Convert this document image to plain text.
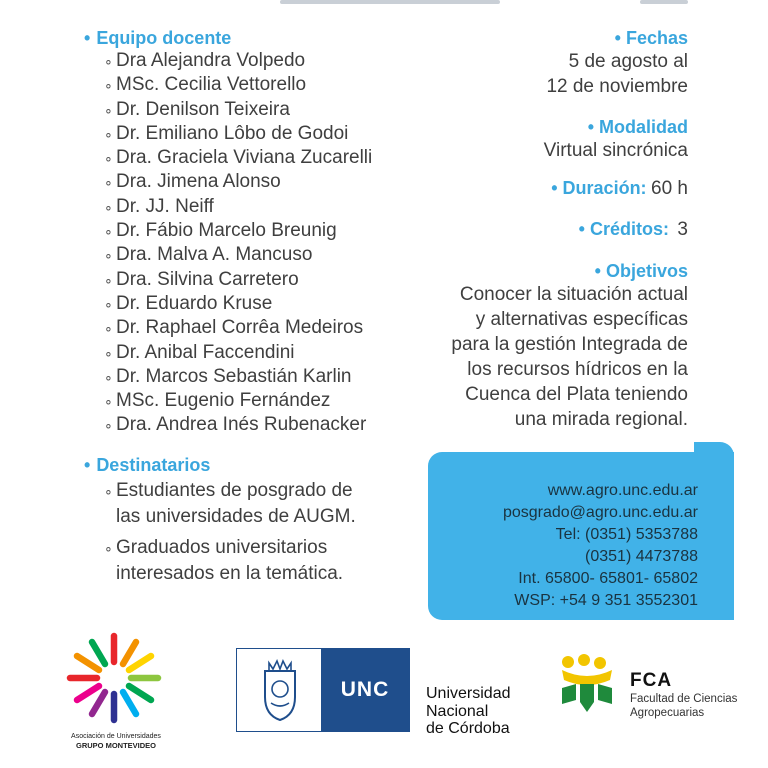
• Equipo docente
∘ Dra Alejandra Volpedo
∘ MSc. Cecilia Vettorello
∘ Dr. Denilson Teixeira
∘ Dr. Emiliano Lôbo de Godoi
∘ Dra. Graciela Viviana Zucarelli
∘ Dra. Jimena Alonso
∘ Dr. JJ. Neiff
∘ Dr. Fábio Marcelo Breunig
∘ Dra. Malva A. Mancuso
∘ Dra. Silvina Carretero
∘ Dr. Eduardo Kruse
∘ Dr. Raphael Corrêa Medeiros
∘ Dr. Anibal Faccendini
∘ Dr. Marcos Sebastián Karlin
∘ MSc. Eugenio Fernández
∘ Dra. Andrea Inés Rubenacker
• Destinatarios
∘ Estudiantes de posgrado de
las universidades de AUGM.
∘ Graduados universitarios
interesados en la temática.
• Fechas
5 de agosto al
12 de noviembre
• Modalidad
Virtual sincrónica
• Duración: 60 h
• Créditos: 3
• Objetivos
Conocer la situación actual
y alternativas específicas
para la gestión Integrada de
los recursos hídricos en la
Cuenca del Plata teniendo
una mirada regional.
www.agro.unc.edu.ar
posgrado@agro.unc.edu.ar
Tel: (0351) 5353788
(0351) 4473788
Int. 65800- 65801- 65802
WSP: +54 9 351 3552301
Asociación de Universidades
GRUPO MONTEVIDEO
UNC	Universidad
Nacional
de Córdoba
FCA
Facultad de Ciencias
Agropecuarias
